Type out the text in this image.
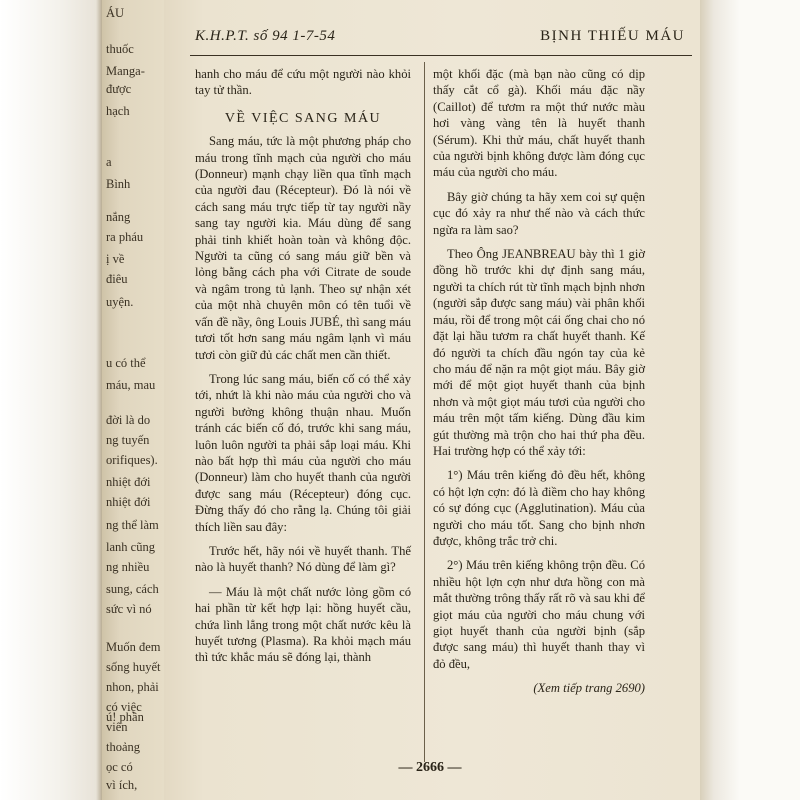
ÁU
thuốc
Manga-
được
hạch
a
Bình
nắng
ra pháu
ị về
điêu
uyện.
u có thể
máu, mau
đời là do
ng tuyến
orifiques).
nhiệt đới
nhiệt đới
ng thể làm
lanh cũng
ng nhiều
sung, cách
sức vì nó
Muốn đem
sống huyết
nhon, phải
có việc
viên
thoảng
ọc có
vì ích,
ú! phần
K.H.P.T. số 94 1-7-54	BỊNH THIẾU MÁU

hanh cho máu để cứu một người nào khỏi tay tử thần.

VỀ VIỆC SANG MÁU

Sang máu, tức là một phương pháp cho máu trong tĩnh mạch của người cho máu (Donneur) mạnh chạy liền qua tĩnh mạch của người đau (Récepteur). Đó là nói về cách sang máu trực tiếp từ tay người nầy sang tay người kia. Máu dùng để sang phải tinh khiết hoàn toàn và không độc. Người ta cũng có sang máu giữ bền và lỏng bằng cách pha với Citrate de soude và ngâm trong tủ lạnh. Theo sự nhận xét của một nhà chuyên môn có tên tuổi về vấn đề nầy, ông Louis JUBÉ, thì sang máu tươi tốt hơn sang máu ngâm lạnh vì máu tươi còn giữ đủ các chất men cần thiết.

Trong lúc sang máu, biến cố có thể xảy tới, nhứt là khi nào máu của người cho và người bưởng không thuận nhau. Muốn tránh các biến cố đó, trước khi sang máu, luôn luôn người ta phải sắp loại máu. Khi nào bất hợp thì máu của người cho máu (Donneur) làm cho huyết thanh của người được sang máu (Récepteur) đóng cục. Đừng thấy đó cho rằng lạ. Chúng tôi giải thích liền sau đây:

Trước hết, hãy nói về huyết thanh. Thế nào là huyết thanh? Nó dùng để làm gì?

— Máu là một chất nước lỏng gồm có hai phần từ kết hợp lại: hồng huyết cầu, chứa lình lẳng trong một chất nước kêu là huyết tương (Plasma). Ra khỏi mạch máu thì tức khắc máu sẽ đóng lại, thành

một khối đặc (mà bạn nào cũng có dịp thấy cắt cổ gà). Khối máu đặc nầy (Caillot) để tươm ra một thứ nước màu hơi vàng vàng tên là huyết thanh (Sérum). Khi thử máu, chất huyết thanh của người bịnh không được làm đóng cục máu của người cho máu.

Bây giờ chúng ta hãy xem coi sự quện cục đó xảy ra như thế nào và cách thức ngừa ra làm sao?

Theo Ông JEANBREAU bày thì 1 giờ đồng hồ trước khi dự định sang máu, người ta chích rút từ tĩnh mạch bịnh nhơn (người sắp được sang máu) vài phân khối máu, rồi để trong một cái ống chai cho nó đặt lại hầu tươm ra chất huyết thanh. Kế đó người ta chích đầu ngón tay của kẻ cho máu để nặn ra một giọt máu. Bây giờ mới để một giọt huyết thanh của bịnh nhơn và một giọt máu tươi của người cho máu trên một tấm kiếng. Dùng đầu kim gút thường mà trộn cho hai thứ pha đều. Hai trường hợp có thể xảy tới:

1°) Máu trên kiếng đỏ đều hết, không có hột lợn cợn: đó là điềm cho hay không có sự đóng cục (Agglutination). Máu của người cho máu tốt. Sang cho bịnh nhơn được, không trắc trở chi.

2°) Máu trên kiếng không trộn đều. Có nhiều hột lợn cợn như dưa hồng con mà mắt thường trông thấy rất rõ và sau khi để giọt máu của người cho máu chung với giọt huyết thanh của người bịnh (sắp được sang máu) thì huyết thanh thay vì đỏ đều,

(Xem tiếp trang 2690)

— 2666 —
